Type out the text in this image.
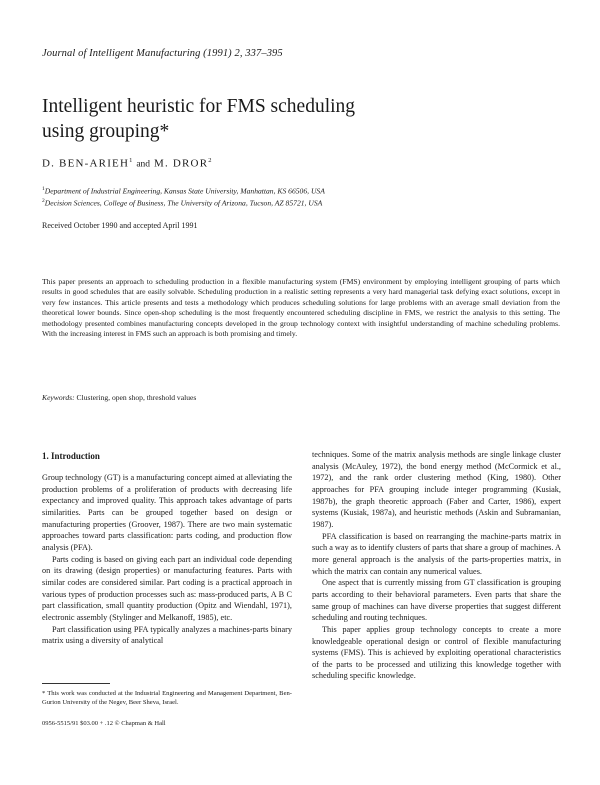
Journal of Intelligent Manufacturing (1991) 2, 337–395
Intelligent heuristic for FMS scheduling
using grouping*
D. BEN-ARIEH$^1$ and M. DROR$^2$
$^1$Department of Industrial Engineering, Kansas State University, Manhattan, KS 66506, USA
$^2$Decision Sciences, College of Business, The University of Arizona, Tucson, AZ 85721, USA
Received October 1990 and accepted April 1991
This paper presents an approach to scheduling production in a flexible manufacturing system (FMS) environment by employing intelligent grouping of parts which results in good schedules that are easily solvable. Scheduling production in a realistic setting represents a very hard managerial task defying exact solutions, except in very few instances. This article presents and tests a methodology which produces scheduling solutions for large problems with an average small deviation from the theoretical lower bounds. Since open-shop scheduling is the most frequently encountered scheduling discipline in FMS, we restrict the analysis to this setting. The methodology presented combines manufacturing concepts developed in the group technology context with insightful understanding of machine scheduling problems. With the increasing interest in FMS such an approach is both promising and timely.
Keywords: Clustering, open shop, threshold values
1. Introduction

Group technology (GT) is a manufacturing concept aimed at alleviating the production problems of a proliferation of products with decreasing life expectancy and improved quality. This approach takes advantage of parts similarities. Parts can be grouped together based on design or manufacturing properties (Groover, 1987). There are two main systematic approaches toward parts classification: parts coding, and production flow analysis (PFA).

Parts coding is based on giving each part an individual code depending on its drawing (design properties) or manufacturing features. Parts with similar codes are considered similar. Part coding is a practical approach in various types of production processes such as: mass-produced parts, A B C part classification, small quantity production (Opitz and Wiendahl, 1971), electronic assembly (Stylinger and Melkanoff, 1985), etc.

Part classification using PFA typically analyzes a machines-parts binary matrix using a diversity of analytical

techniques. Some of the matrix analysis methods are single linkage cluster analysis (McAuley, 1972), the bond energy method (McCormick et al., 1972), and the rank order clustering method (King, 1980). Other approaches for PFA grouping include integer programming (Kusiak, 1987b), the graph theoretic approach (Faber and Carter, 1986), expert systems (Kusiak, 1987a), and heuristic methods (Askin and Subramanian, 1987).

PFA classification is based on rearranging the machine-parts matrix in such a way as to identify clusters of parts that share a group of machines. A more general approach is the analysis of the parts-properties matrix, in which the matrix can contain any numerical values.

One aspect that is currently missing from GT classification is grouping parts according to their behavioral parameters. Even parts that share the same group of machines can have diverse properties that suggest different scheduling and routing techniques.

This paper applies group technology concepts to create a more knowledgeable operational design or control of flexible manufacturing systems (FMS). This is achieved by exploiting operational characteristics of the parts to be processed and utilizing this knowledge together with scheduling specific knowledge.

* This work was conducted at the Industrial Engineering and Management Department, Ben-Gurion University of the Negev, Beer Sheva, Israel.
0956-5515/91 $03.00 + .12 © Chapman & Hall
